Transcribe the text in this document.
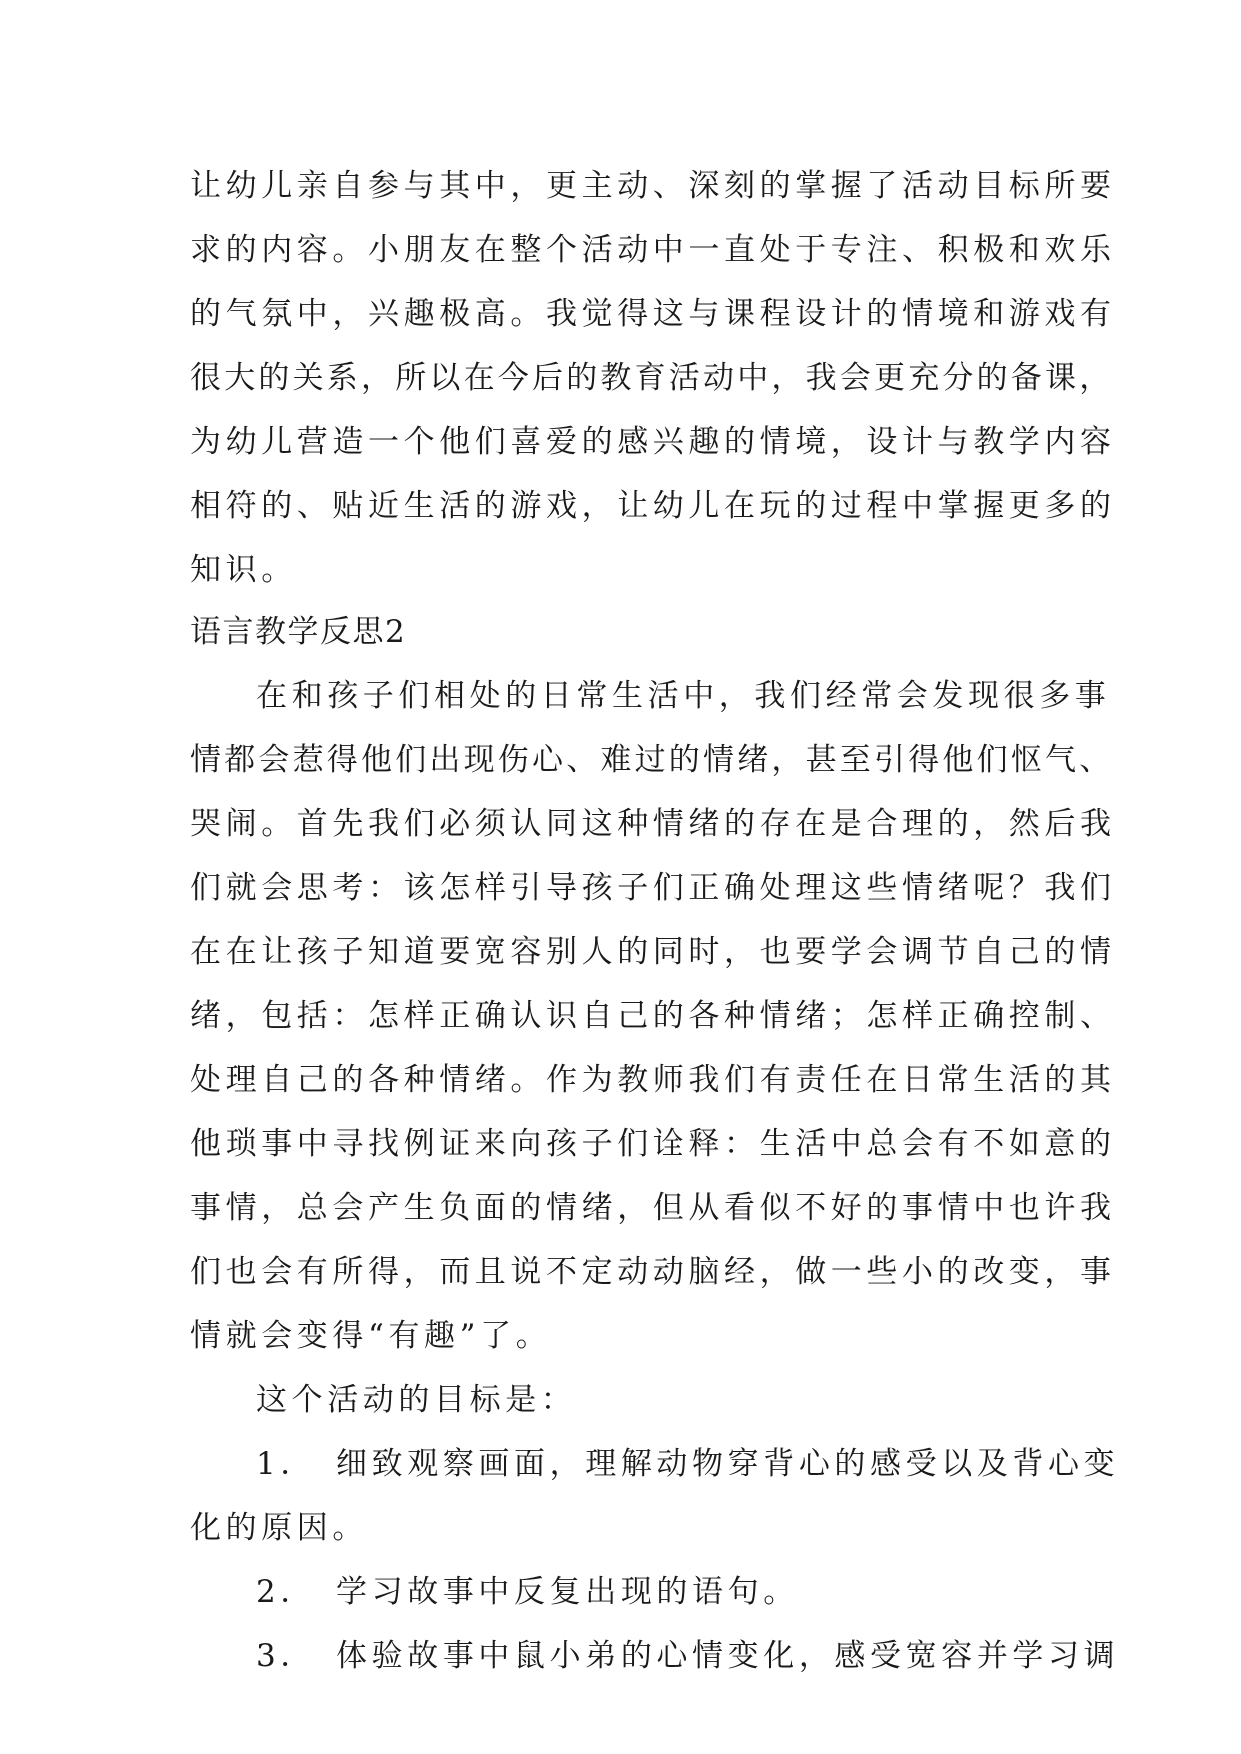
让幼儿亲自参与其中，更主动、深刻的掌握了活动目标所要
求的内容。小朋友在整个活动中一直处于专注、积极和欢乐
的气氛中，兴趣极高。我觉得这与课程设计的情境和游戏有
很大的关系，所以在今后的教育活动中，我会更充分的备课，
为幼儿营造一个他们喜爱的感兴趣的情境，设计与教学内容
相符的、贴近生活的游戏，让幼儿在玩的过程中掌握更多的
知识。
语言教学反思2
在和孩子们相处的日常生活中，我们经常会发现很多事
情都会惹得他们出现伤心、难过的情绪，甚至引得他们怄气、
哭闹。首先我们必须认同这种情绪的存在是合理的，然后我
们就会思考：该怎样引导孩子们正确处理这些情绪呢？我们
在在让孩子知道要宽容别人的同时，也要学会调节自己的情
绪，包括：怎样正确认识自己的各种情绪；怎样正确控制、
处理自己的各种情绪。作为教师我们有责任在日常生活的其
他琐事中寻找例证来向孩子们诠释：生活中总会有不如意的
事情，总会产生负面的情绪，但从看似不好的事情中也许我
们也会有所得，而且说不定动动脑经，做一些小的改变，事
情就会变得“有趣”了。
这个活动的目标是：
1．　细致观察画面，理解动物穿背心的感受以及背心变
化的原因。
2．　学习故事中反复出现的语句。
3．　体验故事中鼠小弟的心情变化，感受宽容并学习调
